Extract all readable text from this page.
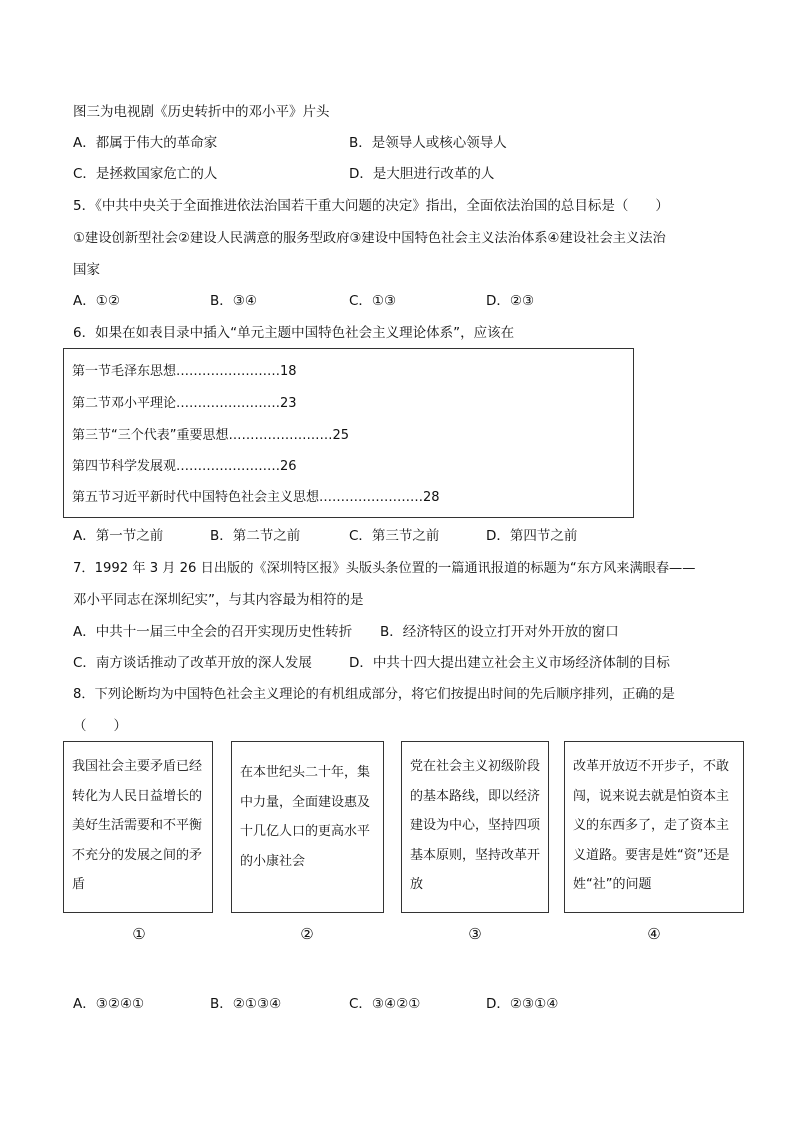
图三为电视剧《历史转折中的邓小平》片头
A．都属于伟大的革命家	B．是领导人或核心领导人
C．是拯救国家危亡的人	D．是大胆进行改革的人
5．《中共中央关于全面推进依法治国若干重大问题的决定》指出，全面依法治国的总目标是（　　）
①建设创新型社会②建设人民满意的服务型政府③建设中国特色社会主义法治体系④建设社会主义法治
国家
A．①②	B．③④	C．①③	D．②③
6．如果在如表目录中插入“单元主题中国特色社会主义理论体系”，应该在
第一节毛泽东思想……………………18
第二节邓小平理论……………………23
第三节“三个代表”重要思想……………………25
第四节科学发展观……………………26
第五节习近平新时代中国特色社会主义思想……………………28
A．第一节之前	B．第二节之前	C．第三节之前	D．第四节之前
7．1992 年 3 月 26 日出版的《深圳特区报》头版头条位置的一篇通讯报道的标题为“东方风来满眼春——
邓小平同志在深圳纪实”，与其内容最为相符的是
A．中共十一届三中全会的召开实现历史性转折 B．经济特区的设立打开对外开放的窗口
C．南方谈话推动了改革开放的深人发展	D．中共十四大提出建立社会主义市场经济体制的目标
8．下列论断均为中国特色社会主义理论的有机组成部分，将它们按提出时间的先后顺序排列，正确的是
（　　）
我国社会主要矛盾已经转化为人民日益增长的美好生活需要和不平衡不充分的发展之间的矛盾
在本世纪头二十年，集中力量，全面建设惠及十几亿人口的更高水平的小康社会
党在社会主义初级阶段的基本路线，即以经济建设为中心，坚持四项基本原则，坚持改革开放
改革开放迈不开步子，不敢闯，说来说去就是怕资本主义的东西多了，走了资本主义道路。要害是姓“资”还是姓“社”的问题
①	②	③	④
A．③②④①	B．②①③④	C．③④②①	D．②③①④
